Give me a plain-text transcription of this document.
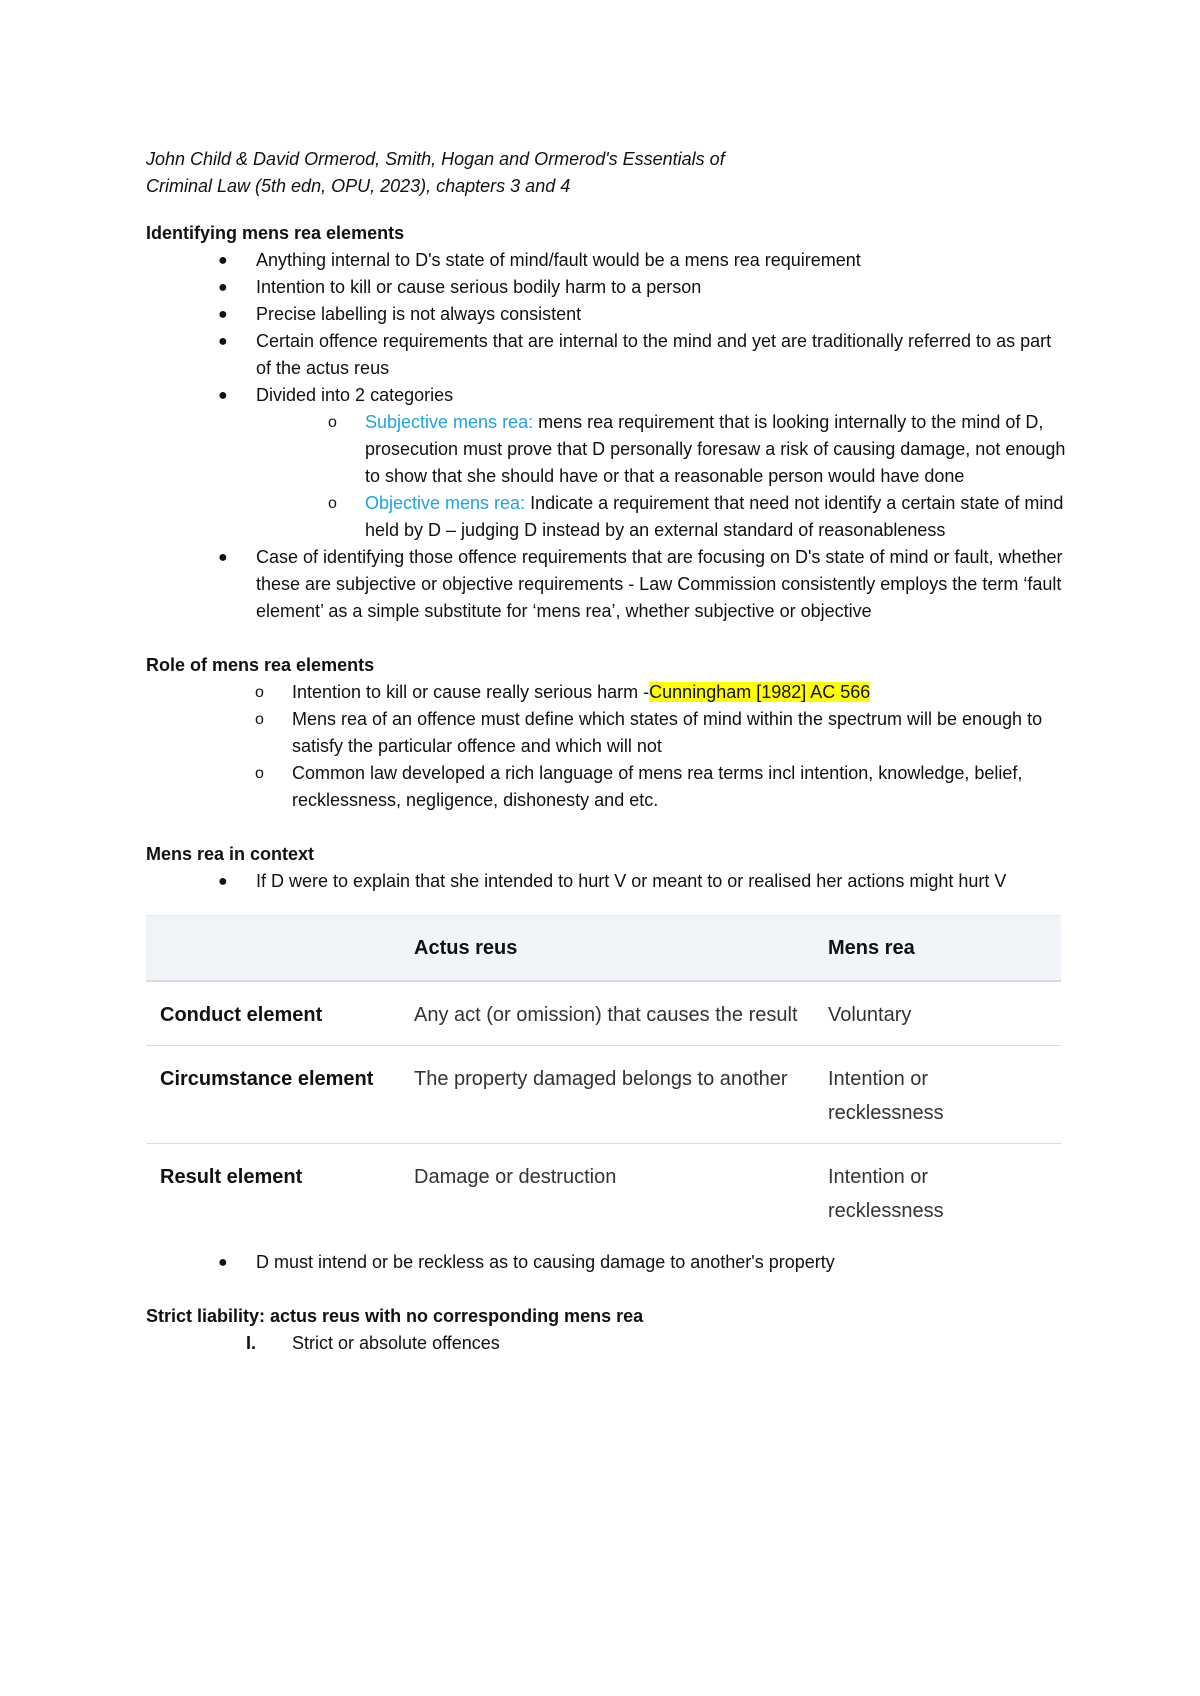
John Child & David Ormerod, Smith, Hogan and Ormerod's Essentials of
Criminal Law (5th edn, OPU, 2023), chapters 3 and 4
Identifying mens rea elements
● Anything internal to D's state of mind/fault would be a mens rea requirement
● Intention to kill or cause serious bodily harm to a person
● Precise labelling is not always consistent
● Certain offence requirements that are internal to the mind and yet are traditionally referred to as part of the actus reus
● Divided into 2 categories
o Subjective mens rea: mens rea requirement that is looking internally to the mind of D, prosecution must prove that D personally foresaw a risk of causing damage, not enough to show that she should have or that a reasonable person would have done
o Objective mens rea: Indicate a requirement that need not identify a certain state of mind held by D – judging D instead by an external standard of reasonableness
● Case of identifying those offence requirements that are focusing on D's state of mind or fault, whether these are subjective or objective requirements - Law Commission consistently employs the term ‘fault element’ as a simple substitute for ‘mens rea’, whether subjective or objective
Role of mens rea elements
o Intention to kill or cause really serious harm -Cunningham [1982] AC 566
o Mens rea of an offence must define which states of mind within the spectrum will be enough to satisfy the particular offence and which will not
o Common law developed a rich language of mens rea terms incl intention, knowledge, belief, recklessness, negligence, dishonesty and etc.
Mens rea in context
● If D were to explain that she intended to hurt V or meant to or realised her actions might hurt V
	Actus reus	Mens rea
Conduct element	Any act (or omission) that causes the result	Voluntary
Circumstance element	The property damaged belongs to another	Intention or recklessness
Result element	Damage or destruction	Intention or recklessness
● D must intend or be reckless as to causing damage to another's property
Strict liability: actus reus with no corresponding mens rea
I. Strict or absolute offences
